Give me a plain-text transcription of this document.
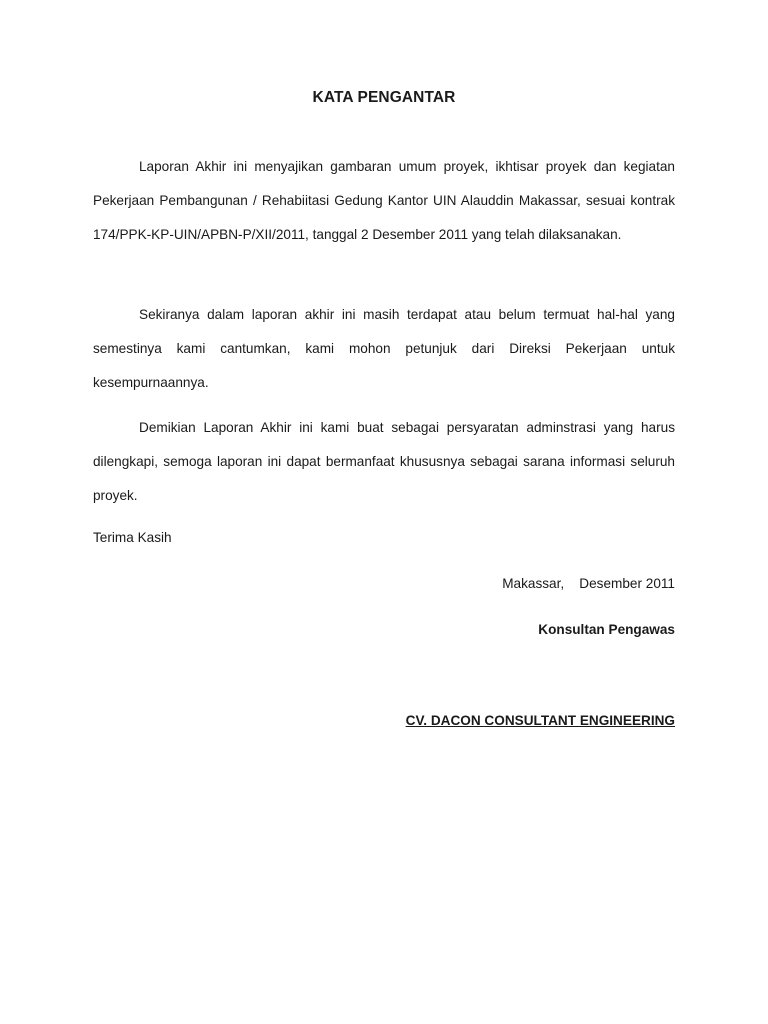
KATA PENGANTAR

Laporan Akhir ini menyajikan gambaran umum proyek, ikhtisar proyek dan kegiatan Pekerjaan Pembangunan / Rehabiitasi Gedung Kantor UIN Alauddin Makassar, sesuai kontrak 174/PPK-KP-UIN/APBN-P/XII/2011, tanggal 2 Desember 2011 yang telah dilaksanakan.

Sekiranya dalam laporan akhir ini masih terdapat atau belum termuat hal-hal yang semestinya kami cantumkan, kami mohon petunjuk dari Direksi Pekerjaan untuk kesempurnaannya.

Demikian Laporan Akhir ini kami buat sebagai persyaratan adminstrasi yang harus dilengkapi, semoga laporan ini dapat bermanfaat khususnya sebagai sarana informasi seluruh proyek.

Terima Kasih

Makassar,    Desember 2011

Konsultan Pengawas

CV. DACON CONSULTANT ENGINEERING
